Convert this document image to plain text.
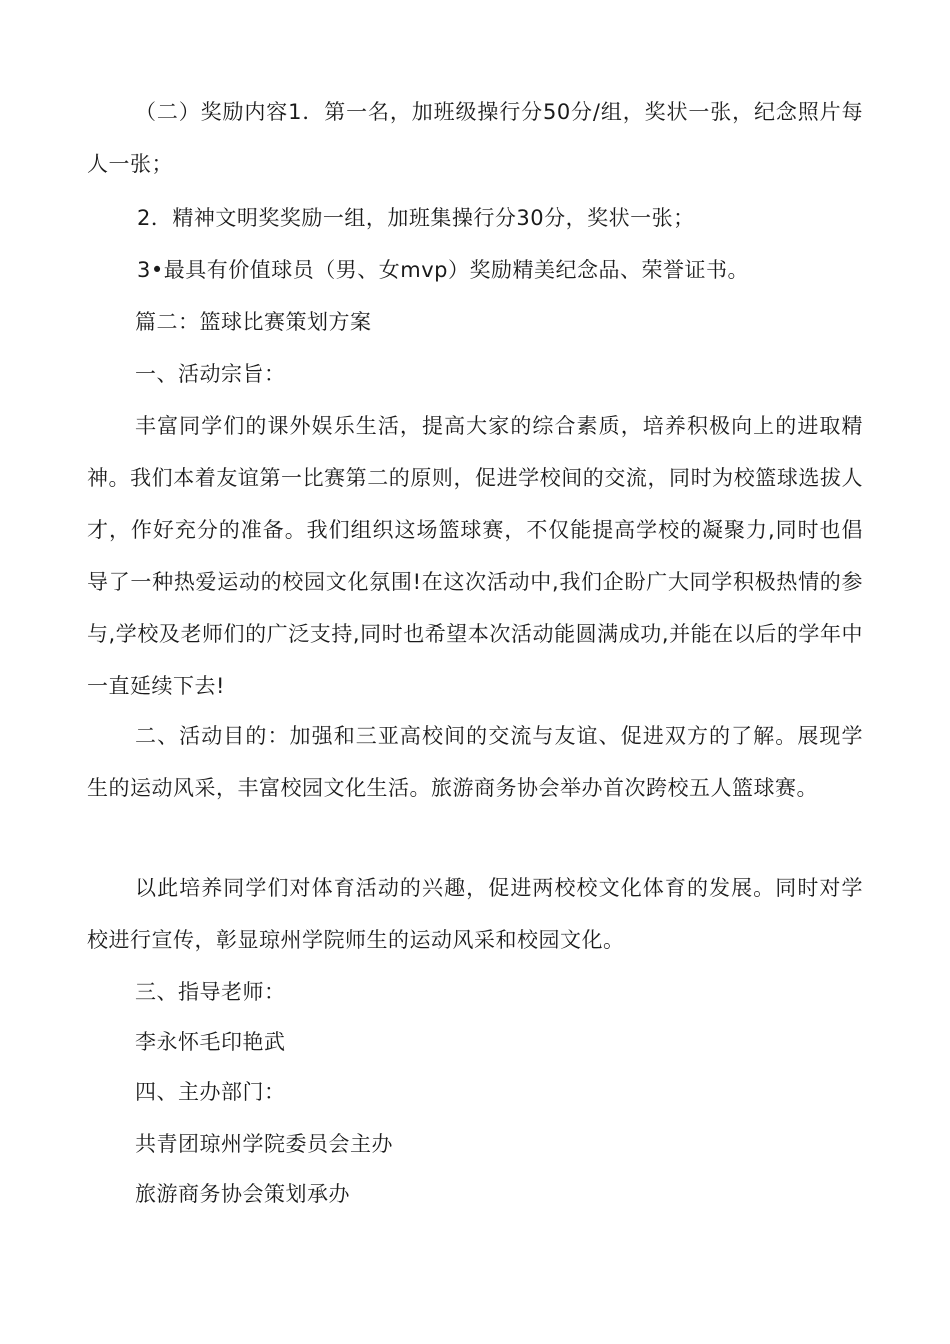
（二）奖励内容1．第一名，加班级操行分50分/组，奖状一张，纪念照片每人一张；

2．精神文明奖奖励一组，加班集操行分30分，奖状一张；

3•最具有价值球员（男、女mvp）奖励精美纪念品、荣誉证书。

篇二：篮球比赛策划方案

一、活动宗旨：

丰富同学们的课外娱乐生活，提高大家的综合素质，培养积极向上的进取精神。我们本着友谊第一比赛第二的原则，促进学校间的交流，同时为校篮球选拔人才，作好充分的准备。我们组织这场篮球赛，不仅能提高学校的凝聚力,同时也倡导了一种热爱运动的校园文化氛围!在这次活动中,我们企盼广大同学积极热情的参与,学校及老师们的广泛支持,同时也希望本次活动能圆满成功,并能在以后的学年中一直延续下去!

二、活动目的：加强和三亚高校间的交流与友谊、促进双方的了解。展现学生的运动风采，丰富校园文化生活。旅游商务协会举办首次跨校五人篮球赛。

以此培养同学们对体育活动的兴趣，促进两校校文化体育的发展。同时对学校进行宣传，彰显琼州学院师生的运动风采和校园文化。

三、指导老师：

李永怀毛印艳武

四、主办部门：

共青团琼州学院委员会主办

旅游商务协会策划承办
